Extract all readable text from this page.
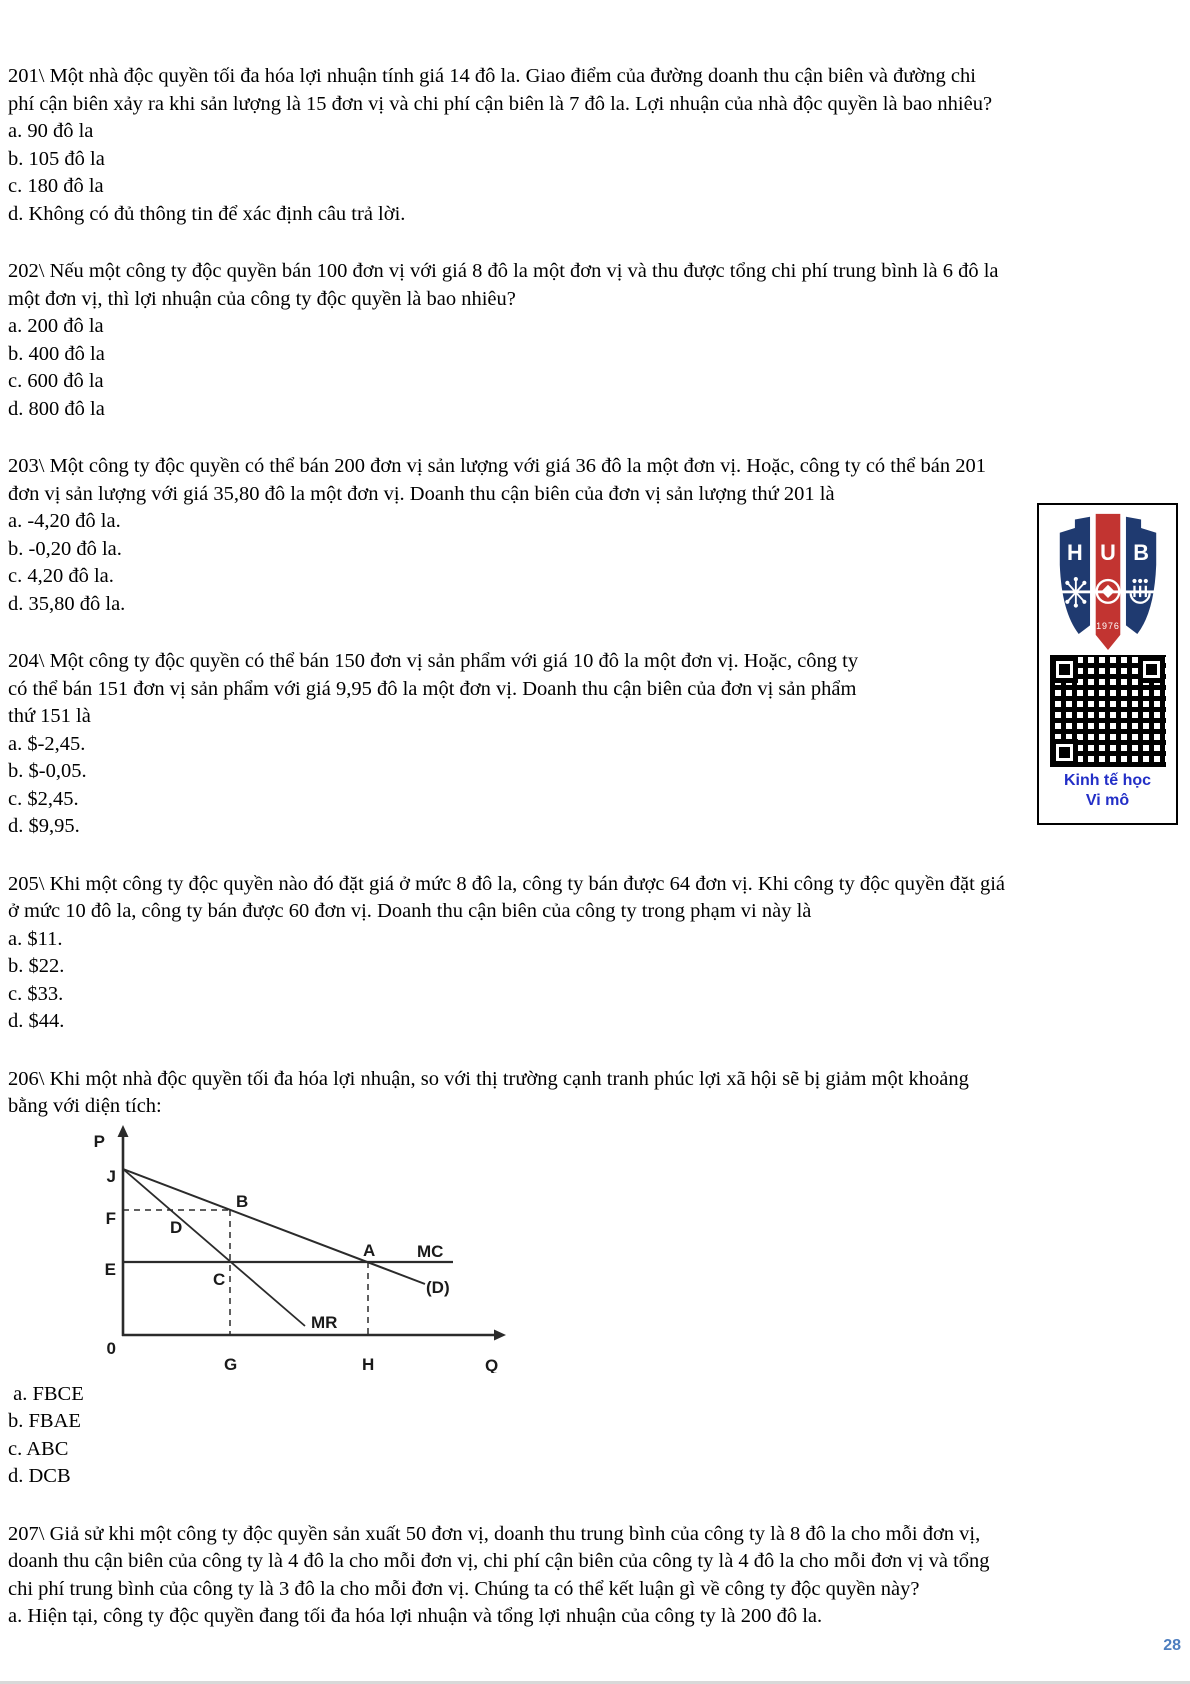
201\ Một nhà độc quyền tối đa hóa lợi nhuận tính giá 14 đô la. Giao điểm của đường doanh thu cận biên và đường chi
phí cận biên xảy ra khi sản lượng là 15 đơn vị và chi phí cận biên là 7 đô la. Lợi nhuận của nhà độc quyền là bao nhiêu?
a. 90 đô la
b. 105 đô la
c. 180 đô la
d. Không có đủ thông tin để xác định câu trả lời.
202\ Nếu một công ty độc quyền bán 100 đơn vị với giá 8 đô la một đơn vị và thu được tổng chi phí trung bình là 6 đô la
một đơn vị, thì lợi nhuận của công ty độc quyền là bao nhiêu?
a. 200 đô la
b. 400 đô la
c. 600 đô la
d. 800 đô la
203\ Một công ty độc quyền có thể bán 200 đơn vị sản lượng với giá 36 đô la một đơn vị. Hoặc, công ty có thể bán 201
đơn vị sản lượng với giá 35,80 đô la một đơn vị. Doanh thu cận biên của đơn vị sản lượng thứ 201 là
a. -4,20 đô la.
b. -0,20 đô la.
c. 4,20 đô la.
d. 35,80 đô la.
204\ Một công ty độc quyền có thể bán 150 đơn vị sản phẩm với giá 10 đô la một đơn vị. Hoặc, công ty
có thể bán 151 đơn vị sản phẩm với giá 9,95 đô la một đơn vị. Doanh thu cận biên của đơn vị sản phẩm
thứ 151 là
a. $-2,45.
b. $-0,05.
c. $2,45.
d. $9,95.
205\ Khi một công ty độc quyền nào đó đặt giá ở mức 8 đô la, công ty bán được 64 đơn vị. Khi công ty độc quyền đặt giá
ở mức 10 đô la, công ty bán được 60 đơn vị. Doanh thu cận biên của công ty trong phạm vi này là
a. $11.
b. $22.
c. $33.
d. $44.
206\ Khi một nhà độc quyền tối đa hóa lợi nhuận, so với thị trường cạnh tranh phúc lợi xã hội sẽ bị giảm một khoảng
bằng với diện tích:
P
J
F
E
0
B
D
C
A MC
(D)
MR
G	H	Q
a. FBCE
b. FBAE
c. ABC
d. DCB
207\ Giả sử khi một công ty độc quyền sản xuất 50 đơn vị, doanh thu trung bình của công ty là 8 đô la cho mỗi đơn vị,
doanh thu cận biên của công ty là 4 đô la cho mỗi đơn vị, chi phí cận biên của công ty là 4 đô la cho mỗi đơn vị và tổng
chi phí trung bình của công ty là 3 đô la cho mỗi đơn vị. Chúng ta có thể kết luận gì về công ty độc quyền này?
a. Hiện tại, công ty độc quyền đang tối đa hóa lợi nhuận và tổng lợi nhuận của công ty là 200 đô la.
H U B
1976
Kinh tế học
Vi mô
28
